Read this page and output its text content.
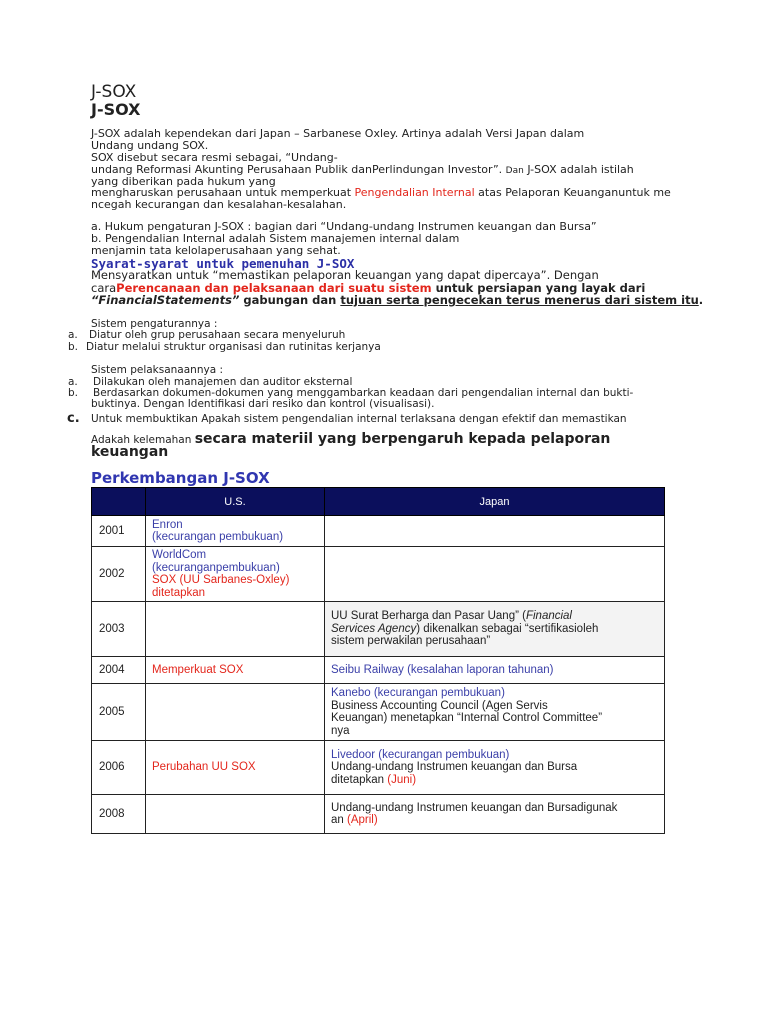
J-SOX
J-SOX
J-SOX adalah kependekan dari Japan – Sarbanese Oxley. Artinya adalah Versi Japan dalam
Undang undang SOX.
SOX disebut secara resmi sebagai, “Undang-
undang Reformasi Akunting Perusahaan Publik danPerlindungan Investor”. Dan J-SOX adalah istilah
yang diberikan pada hukum yang
mengharuskan perusahaan untuk memperkuat Pengendalian Internal atas Pelaporan Keuanganuntuk me
ncegah kecurangan dan kesalahan-kesalahan.
a. Hukum pengaturan J-SOX : bagian dari “Undang-undang Instrumen keuangan dan Bursa”
b. Pengendalian Internal adalah Sistem manajemen internal dalam
menjamin tata kelolaperusahaan yang sehat.
Syarat-syarat untuk pemenuhan J-SOX
Mensyaratkan untuk “memastikan pelaporan keuangan yang dapat dipercaya”. Dengan
caraPerencanaan dan pelaksanaan dari suatu sistem untuk persiapan yang layak dari
“FinancialStatements” gabungan dan tujuan serta pengecekan terus menerus dari sistem itu.
Sistem pengaturannya :
a. Diatur oleh grup perusahaan secara menyeluruh
b. Diatur melalui struktur organisasi dan rutinitas kerjanya
Sistem pelaksanaannya :
a. Dilakukan oleh manajemen dan auditor eksternal
b. Berdasarkan dokumen-dokumen yang menggambarkan keadaan dari pengendalian internal dan bukti-
buktinya. Dengan Identifikasi dari resiko dan kontrol (visualisasi).
c. Untuk membuktikan Apakah sistem pengendalian internal terlaksana dengan efektif dan memastikan
Adakah kelemahan secara materiil yang berpengaruh kepada pelaporan
keuangan
Perkembangan J-SOX
	U.S.	Japan
2001	Enron
(kecurangan pembukuan)	

2002	WorldCom
(kecuranganpembukuan)
SOX (UU Sarbanes-Oxley)
ditetapkan	

2003		UU Surat Berharga dan Pasar Uang” (Financial
Services Agency) dikenalkan sebagai “sertifikasioleh
sistem perwakilan perusahaan”

2004	Memperkuat SOX	Seibu Railway (kesalahan laporan tahunan)

2005		Kanebo (kecurangan pembukuan)
Business Accounting Council (Agen Servis
Keuangan) menetapkan “Internal Control Committee”
nya

2006	Perubahan UU SOX	Livedoor (kecurangan pembukuan)
Undang-undang Instrumen keuangan dan Bursa
ditetapkan (Juni)

2008		Undang-undang Instrumen keuangan dan Bursadigunak
an (April)
